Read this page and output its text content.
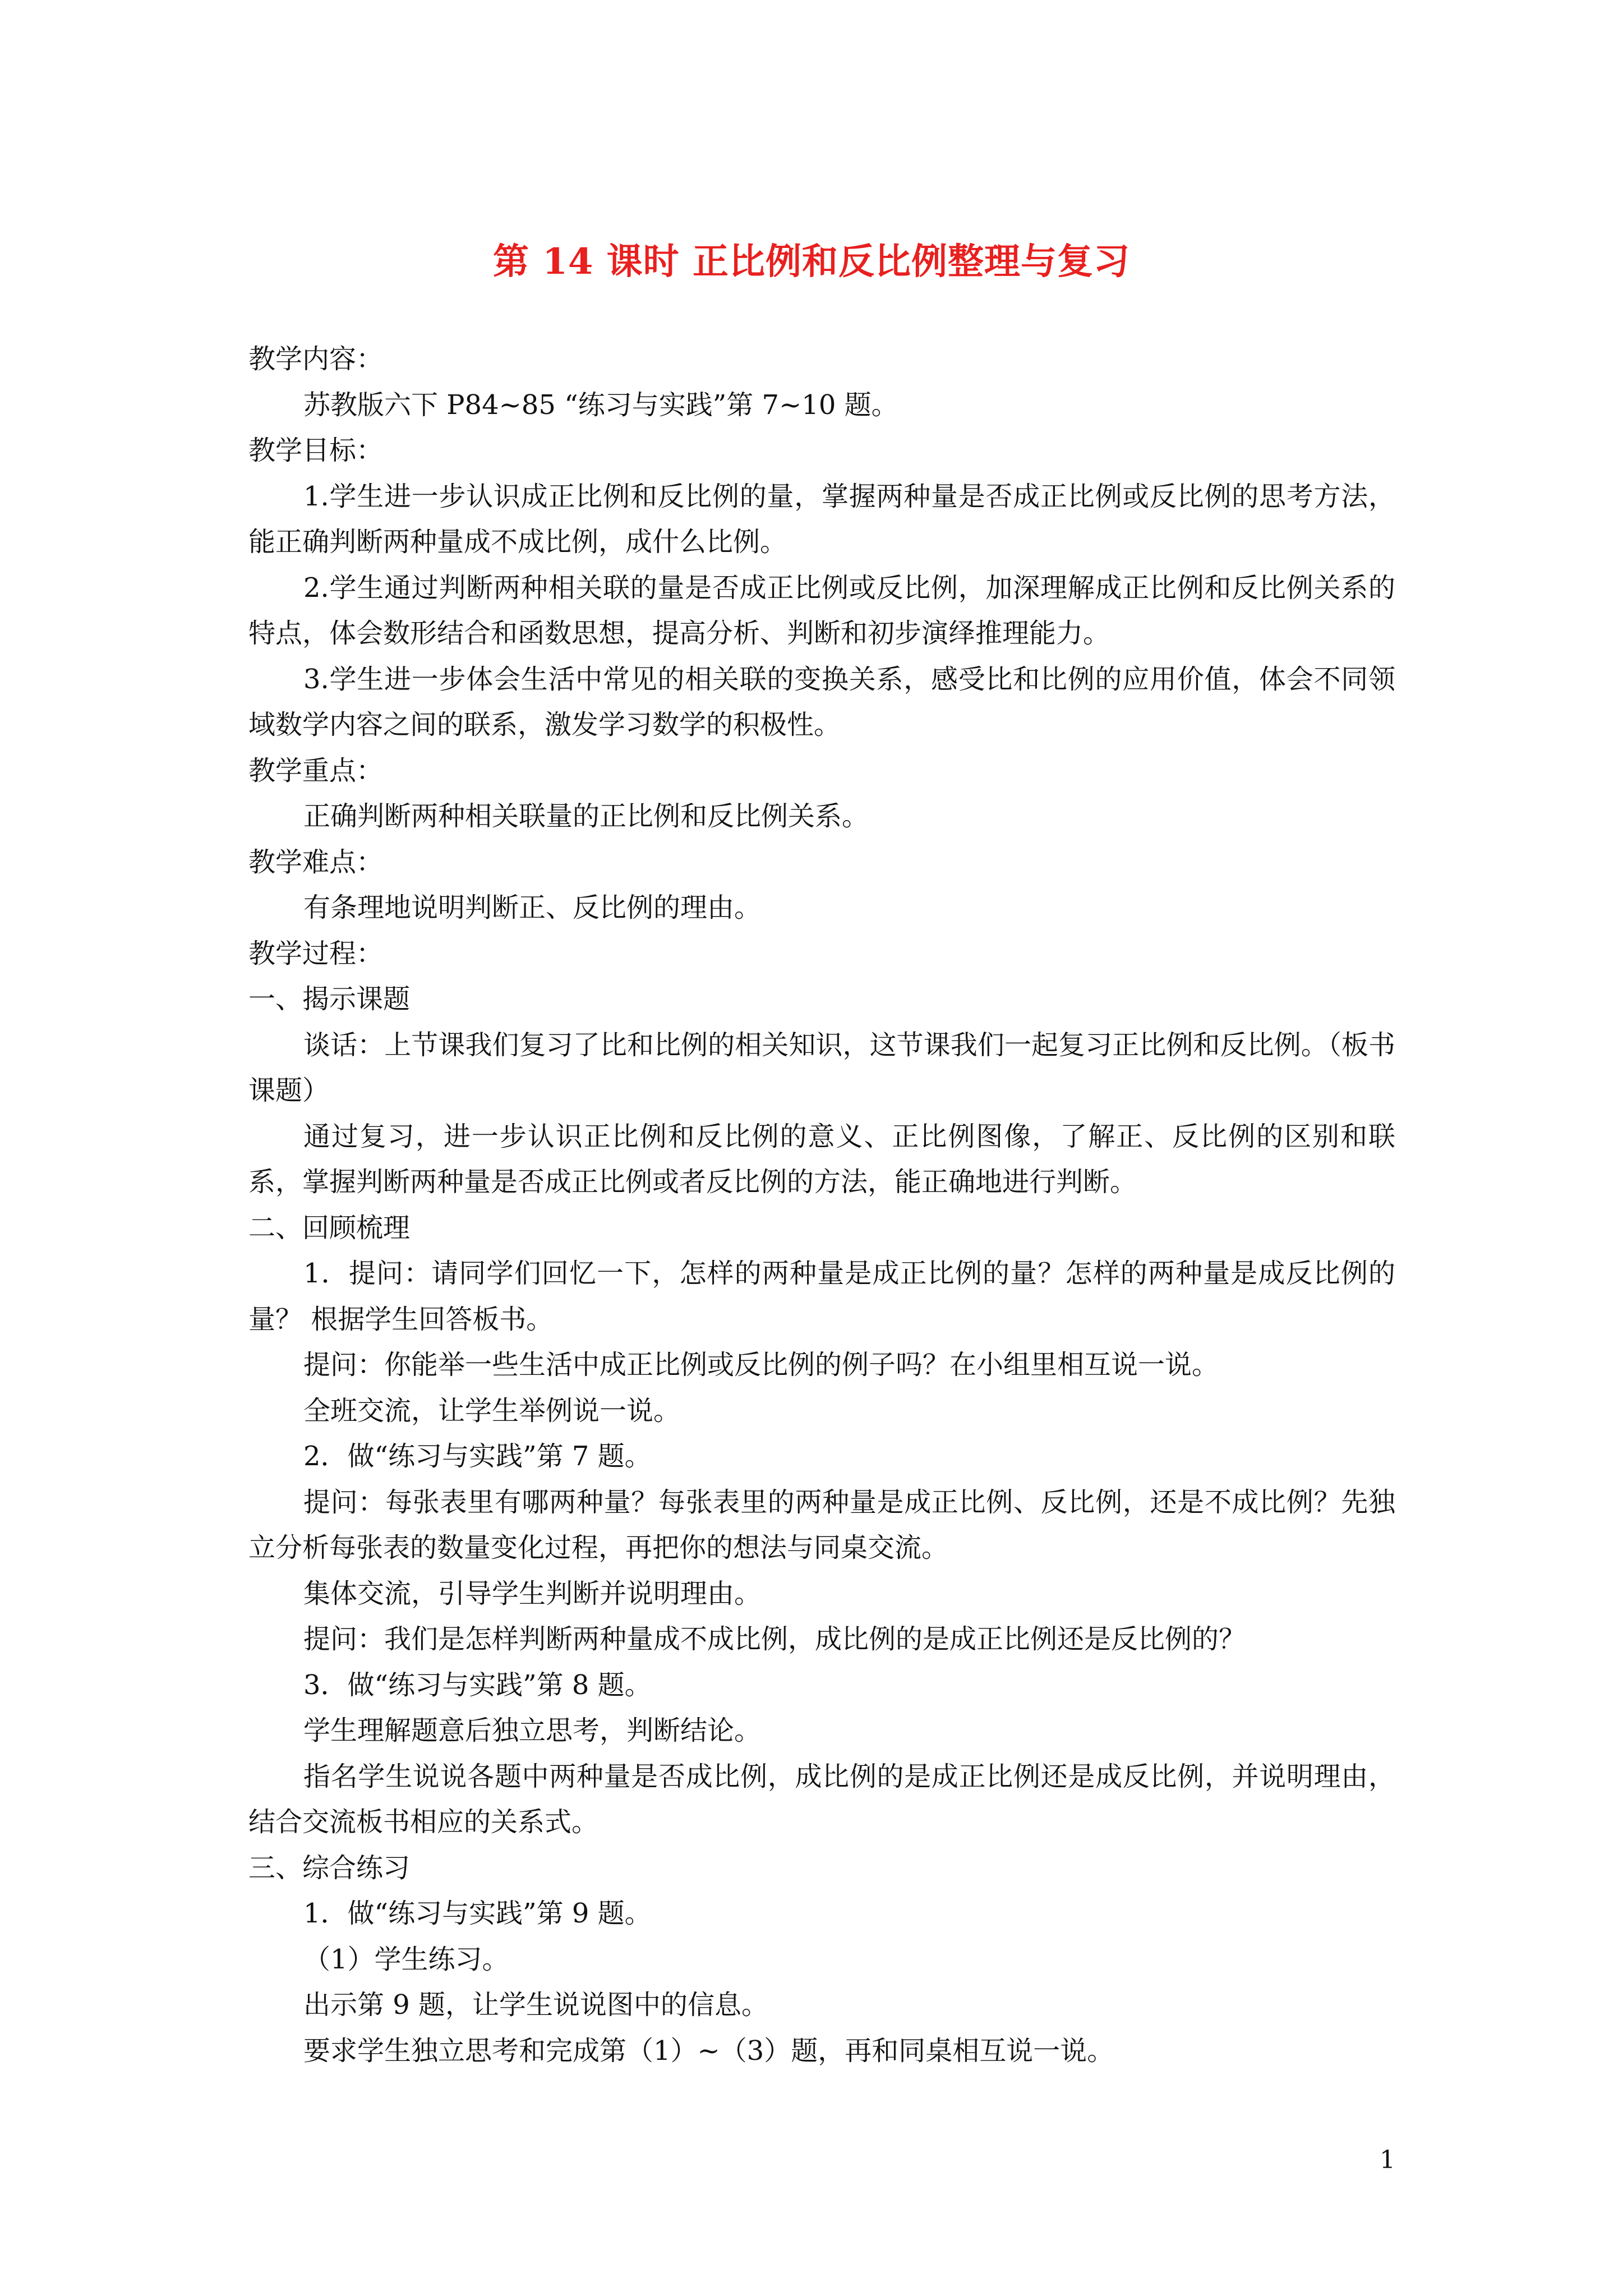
第 14 课时 正比例和反比例整理与复习

教学内容：

苏教版六下 P84~85 “练习与实践”第 7~10 题。

教学目标：

1.学生进一步认识成正比例和反比例的量，掌握两种量是否成正比例或反比例的思考方法，能正确判断两种量成不成比例，成什么比例。

2.学生通过判断两种相关联的量是否成正比例或反比例，加深理解成正比例和反比例关系的特点，体会数形结合和函数思想，提高分析、判断和初步演绎推理能力。

3.学生进一步体会生活中常见的相关联的变换关系，感受比和比例的应用价值，体会不同领域数学内容之间的联系，激发学习数学的积极性。

教学重点：

正确判断两种相关联量的正比例和反比例关系。

教学难点：

有条理地说明判断正、反比例的理由。

教学过程：

一、揭示课题

谈话：上节课我们复习了比和比例的相关知识，这节课我们一起复习正比例和反比例。（板书课题）

通过复习，进一步认识正比例和反比例的意义、正比例图像，了解正、反比例的区别和联系，掌握判断两种量是否成正比例或者反比例的方法，能正确地进行判断。

二、回顾梳理

1．提问：请同学们回忆一下，怎样的两种量是成正比例的量？怎样的两种量是成反比例的量？ 根据学生回答板书。

提问：你能举一些生活中成正比例或反比例的例子吗？在小组里相互说一说。

全班交流，让学生举例说一说。

2．做“练习与实践”第 7 题。

提问：每张表里有哪两种量？每张表里的两种量是成正比例、反比例，还是不成比例？先独立分析每张表的数量变化过程，再把你的想法与同桌交流。

集体交流，引导学生判断并说明理由。

提问：我们是怎样判断两种量成不成比例，成比例的是成正比例还是反比例的？

3．做“练习与实践”第 8 题。

学生理解题意后独立思考，判断结论。

指名学生说说各题中两种量是否成比例，成比例的是成正比例还是成反比例，并说明理由，结合交流板书相应的关系式。

三、综合练习

1．做“练习与实践”第 9 题。

（1）学生练习。

出示第 9 题，让学生说说图中的信息。

要求学生独立思考和完成第（1）~（3）题，再和同桌相互说一说。

1
